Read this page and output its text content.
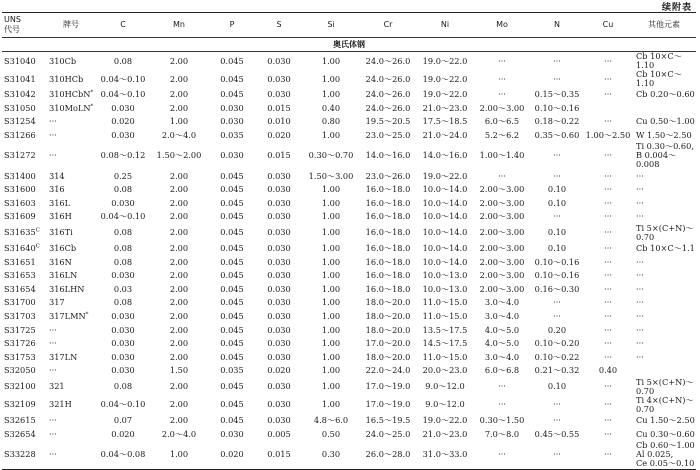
续附表
UNS
代号	牌号	C	Mn	P	S	Si	Cr	Ni	Mo	N	Cu	其他元素
奥氏体钢												
S31040	310Cb	0.08	2.00	0.045	0.030	1.00	24.0～26.0	19.0～22.0	···	···	···	Cb 10×C～1.10
S31041	310HCb	0.04～0.10	2.00	0.045	0.030	1.00	24.0～26.0	19.0～22.0	···	···	···	Cb 10×C～1.10
S31042	310HCbN*	0.04～0.10	2.00	0.045	0.030	1.00	24.0～26.0	19.0～22.0	···	0.15～0.35	···	Cb 0.20～0.60
S31050	310MoLN*	0.030	2.00	0.030	0.015	0.40	24.0～26.0	21.0～23.0	2.00～3.00	0.10～0.16		
S31254	···	0.020	1.00	0.030	0.010	0.80	19.5～20.5	17.5～18.5	6.0～6.5	0.18～0.22	···	Cu 0.50～1.00
S31266	···	0.030	2.0～4.0	0.035	0.020	1.00	23.0～25.0	21.0～24.0	5.2～6.2	0.35～0.60	1.00～2.50	W 1.50～2.50
S31272	···	0.08～0.12	1.50～2.00	0.030	0.015	0.30～0.70	14.0～16.0	14.0～16.0	1.00～1.40	···	···	Ti 0.30～0.60,
B 0.004～0.008
S31400	314	0.25	2.00	0.045	0.030	1.50～3.00	23.0～26.0	19.0～22.0	···	···	···	···
S31600	316	0.08	2.00	0.045	0.030	1.00	16.0～18.0	10.0～14.0	2.00～3.00	0.10	···	···
S31603	316L	0.030	2.00	0.045	0.030	1.00	16.0～18.0	10.0～14.0	2.00～3.00	0.10	···	···
S31609	316H	0.04～0.10	2.00	0.045	0.030	1.00	16.0～18.0	10.0～14.0	2.00～3.00	···	···	···
$S31635^C$	316Ti	0.08	2.00	0.045	0.030	1.00	16.0～18.0	10.0～14.0	2.00～3.00	0.10	···	Ti 5×(C+N)～0.70
$S31640^C$	316Cb	0.08	2.00	0.045	0.030	1.00	16.0～18.0	10.0～14.0	2.00～3.00	0.10	···	Cb 10×C～1.1
S31651	316N	0.08	2.00	0.045	0.030	1.00	16.0～18.0	10.0～14.0	2.00～3.00	0.10～0.16	···	···
S31653	316LN	0.030	2.00	0.045	0.030	1.00	16.0～18.0	10.0～13.0	2.00～3.00	0.10～0.16	···	···
S31654	316LHN	0.03	2.00	0.045	0.030	1.00	16.0～18.0	10.0～13.0	2.00～3.00	0.16～0.30	···	···
S31700	317	0.08	2.00	0.045	0.030	1.00	18.0～20.0	11.0～15.0	3.0～4.0	···	···	···
S31703	317LMN*	0.030	2.00	0.045	0.030	1.00	18.0～20.0	11.0～15.0	3.0～4.0	···	···	···
S31725	···	0.030	2.00	0.045	0.030	1.00	18.0～20.0	13.5～17.5	4.0～5.0	0.20	···	···
S31726	···	0.030	2.00	0.045	0.030	1.00	17.0～20.0	14.5～17.5	4.0～5.0	0.10～0.20	···	···
S31753	317LN	0.030	2.00	0.045	0.030	1.00	18.0～20.0	11.0～15.0	3.0～4.0	0.10～0.22	···	···
S32050	···	0.030	1.50	0.035	0.020	1.00	22.0～24.0	20.0～23.0	6.0～6.8	0.21～0.32	0.40	
S32100	321	0.08	2.00	0.045	0.030	1.00	17.0～19.0	9.0～12.0	···	0.10	···	Ti 5×(C+N)～0.70
S32109	321H	0.04～0.10	2.00	0.045	0.030	1.00	17.0～19.0	9.0～12.0	···	···	···	Ti 4×(C+N)～0.70
S32615	···	0.07	2.00	0.045	0.030	4.8～6.0	16.5～19.5	19.0～22.0	0.30～1.50	···	···	Cu 1.50～2.50
S32654	···	0.020	2.0～4.0	0.030	0.005	0.50	24.0～25.0	21.0～23.0	7.0～8.0	0.45～0.55	···	Cu 0.30～0.60
S33228	···	0.04～0.08	1.00	0.020	0.015	0.30	26.0～28.0	31.0～33.0	···	···	···	Cb 0.60～1.00
Al 0.025,
Ce 0.05～0.10
